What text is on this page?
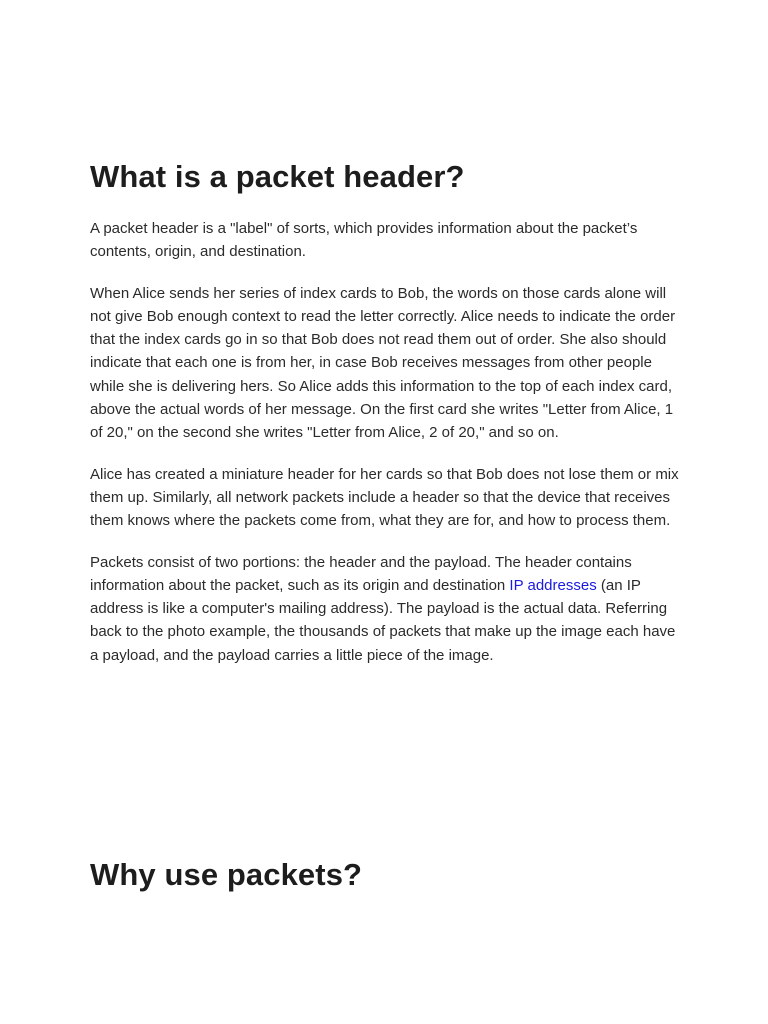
What is a packet header?

A packet header is a "label" of sorts, which provides information about the packet’s contents, origin, and destination.

When Alice sends her series of index cards to Bob, the words on those cards alone will not give Bob enough context to read the letter correctly. Alice needs to indicate the order that the index cards go in so that Bob does not read them out of order. She also should indicate that each one is from her, in case Bob receives messages from other people while she is delivering hers. So Alice adds this information to the top of each index card, above the actual words of her message. On the first card she writes "Letter from Alice, 1 of 20," on the second she writes "Letter from Alice, 2 of 20," and so on.

Alice has created a miniature header for her cards so that Bob does not lose them or mix them up. Similarly, all network packets include a header so that the device that receives them knows where the packets come from, what they are for, and how to process them.

Packets consist of two portions: the header and the payload. The header contains information about the packet, such as its origin and destination IP addresses (an IP address is like a computer's mailing address). The payload is the actual data. Referring back to the photo example, the thousands of packets that make up the image each have a payload, and the payload carries a little piece of the image.

Why use packets?
